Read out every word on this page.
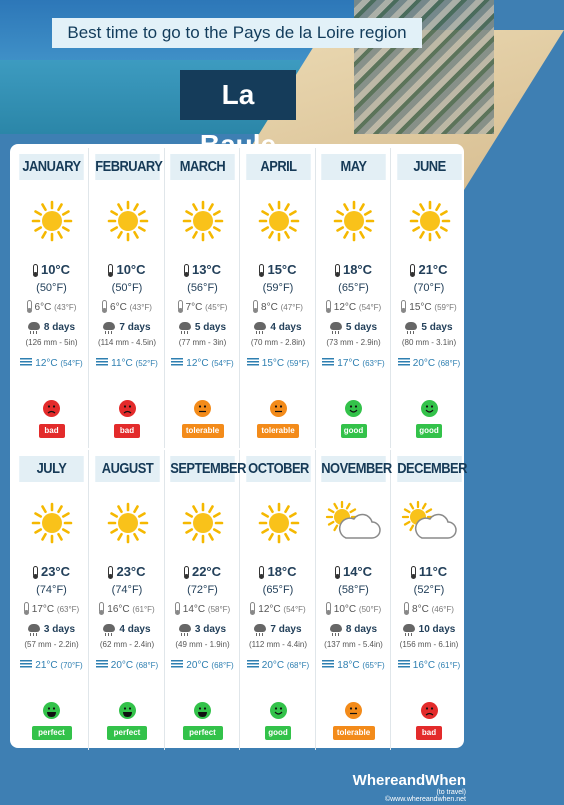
Best time to go to the Pays de la Loire region
La
JANUARY
10°C
(50°F)
6°C (43°F)
8 days
(126 mm - 5in)
12°C (54°F)
bad
FEBRUARY
10°C
(50°F)
6°C (43°F)
7 days
(114 mm - 4.5in)
11°C (52°F)
bad
MARCH
13°C
(56°F)
7°C (45°F)
5 days
(77 mm - 3in)
12°C (54°F)
tolerable
APRIL
15°C
(59°F)
8°C (47°F)
4 days
(70 mm - 2.8in)
15°C (59°F)
tolerable
MAY
18°C
(65°F)
12°C (54°F)
5 days
(73 mm - 2.9in)
17°C (63°F)
good
JUNE
21°C
(70°F)
15°C (59°F)
5 days
(80 mm - 3.1in)
20°C (68°F)
good
JULY
23°C
(74°F)
17°C (63°F)
3 days
(57 mm - 2.2in)
21°C (70°F)
perfect
AUGUST
23°C
(74°F)
16°C (61°F)
4 days
(62 mm - 2.4in)
20°C (68°F)
perfect
SEPTEMBER
22°C
(72°F)
14°C (58°F)
3 days
(49 mm - 1.9in)
20°C (68°F)
perfect
OCTOBER
18°C
(65°F)
12°C (54°F)
7 days
(112 mm - 4.4in)
20°C (68°F)
good
NOVEMBER
14°C
(58°F)
10°C (50°F)
8 days
(137 mm - 5.4in)
18°C (65°F)
tolerable
DECEMBER
11°C
(52°F)
8°C (46°F)
10 days
(156 mm - 6.1in)
16°C (61°F)
bad
WhereandWhen
(to travel)
©www.whereandwhen.net
